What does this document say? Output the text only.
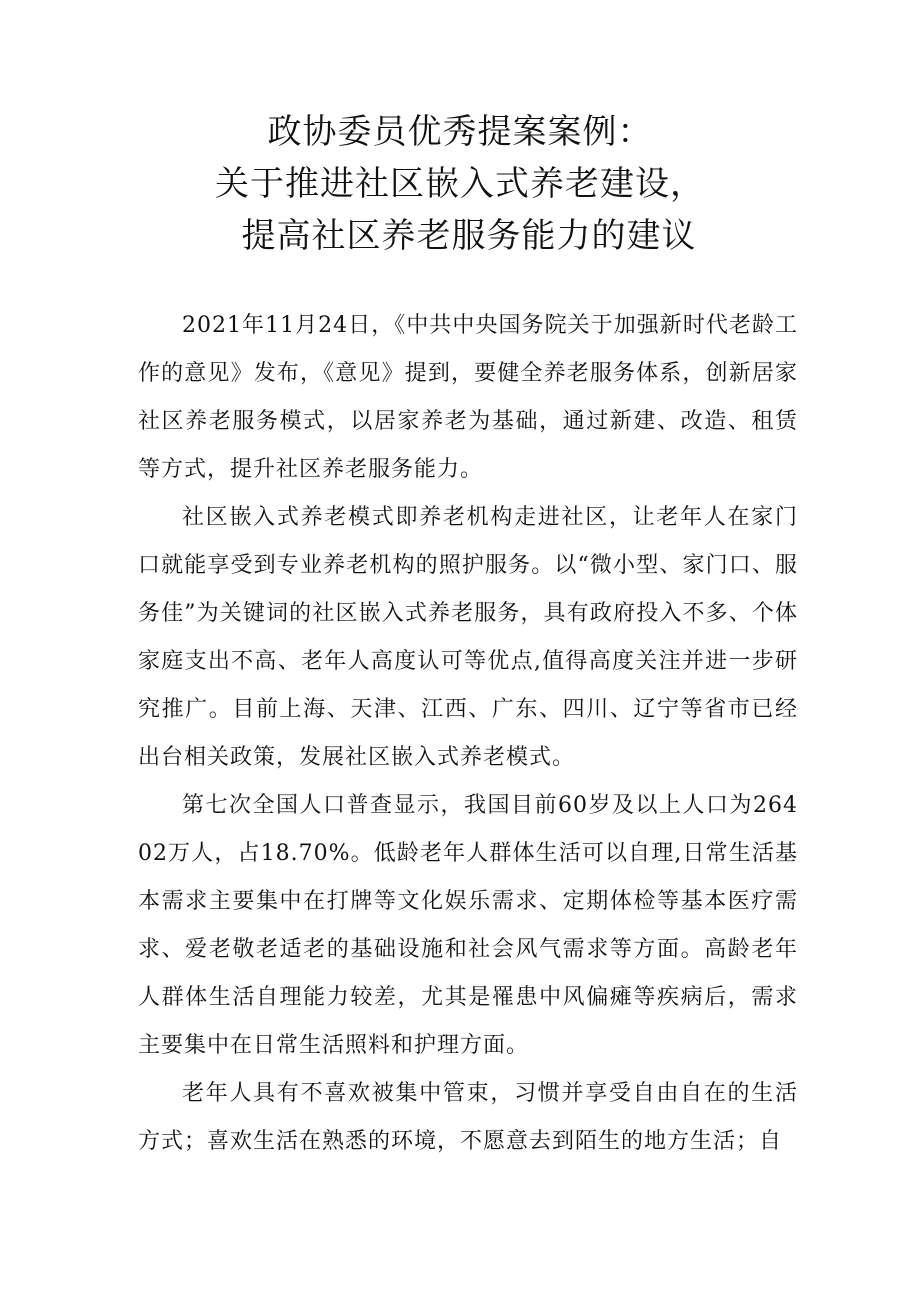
政协委员优秀提案案例：
关于推进社区嵌入式养老建设，
提高社区养老服务能力的建议

2021年11月24日，《中共中央国务院关于加强新时代老龄工作的意见》发布，《意见》提到，要健全养老服务体系，创新居家社区养老服务模式，以居家养老为基础，通过新建、改造、租赁等方式，提升社区养老服务能力。

社区嵌入式养老模式即养老机构走进社区，让老年人在家门口就能享受到专业养老机构的照护服务。以“微小型、家门口、服务佳”为关键词的社区嵌入式养老服务，具有政府投入不多、个体家庭支出不高、老年人高度认可等优点,值得高度关注并进一步研究推广。目前上海、天津、江西、广东、四川、辽宁等省市已经出台相关政策，发展社区嵌入式养老模式。

第七次全国人口普查显示，我国目前60岁及以上人口为26402万人，占18.70%。低龄老年人群体生活可以自理,日常生活基本需求主要集中在打牌等文化娱乐需求、定期体检等基本医疗需求、爱老敬老适老的基础设施和社会风气需求等方面。高龄老年人群体生活自理能力较差，尤其是罹患中风偏瘫等疾病后，需求主要集中在日常生活照料和护理方面。

老年人具有不喜欢被集中管束，习惯并享受自由自在的生活方式；喜欢生活在熟悉的环境，不愿意去到陌生的地方生活；自
